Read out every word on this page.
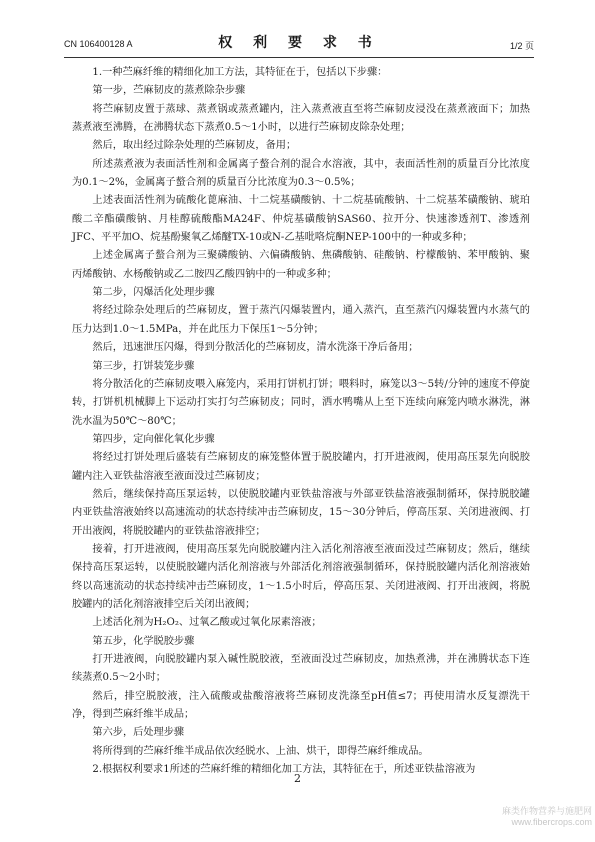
CN 106400128 A	权 利 要 求 书	1/2 页

1.一种苎麻纤维的精细化加工方法，其特征在于，包括以下步骤：

第一步，苎麻韧皮的蒸煮除杂步骤

将苎麻韧皮置于蒸球、蒸煮锅或蒸煮罐内，注入蒸煮液直至将苎麻韧皮浸没在蒸煮液面下；加热蒸煮液至沸腾，在沸腾状态下蒸煮0.5～1小时，以进行苎麻韧皮除杂处理；

然后，取出经过除杂处理的苎麻韧皮，备用；

所述蒸煮液为表面活性剂和金属离子螯合剂的混合水溶液，其中，表面活性剂的质量百分比浓度为0.1～2%，金属离子螯合剂的质量百分比浓度为0.3～0.5%；

上述表面活性剂为硫酸化蓖麻油、十二烷基磺酸钠、十二烷基硫酸钠、十二烷基苯磺酸钠、琥珀酸二辛酯磺酸钠、月桂醇硫酸酯MA24F、仲烷基磺酸钠SAS60、拉开分、快速渗透剂T、渗透剂JFC、平平加O、烷基酚聚氧乙烯醚TX-10或N-乙基吡咯烷酮NEP-100中的一种或多种；

上述金属离子螯合剂为三聚磷酸钠、六偏磷酸钠、焦磷酸钠、硅酸钠、柠檬酸钠、苯甲酸钠、聚丙烯酸钠、水杨酸钠或乙二胺四乙酸四钠中的一种或多种；

第二步，闪爆活化处理步骤

将经过除杂处理后的苎麻韧皮，置于蒸汽闪爆装置内，通入蒸汽，直至蒸汽闪爆装置内水蒸气的压力达到1.0～1.5MPa，并在此压力下保压1～5分钟；

然后，迅速泄压闪爆，得到分散活化的苎麻韧皮，清水洗涤干净后备用；

第三步，打饼装笼步骤

将分散活化的苎麻韧皮喂入麻笼内，采用打饼机打饼；喂料时，麻笼以3～5转/分钟的速度不停旋转，打饼机机械脚上下运动打实打匀苎麻韧皮；同时，洒水鸭嘴从上至下连续向麻笼内喷水淋洗，淋洗水温为50℃～80℃；

第四步，定向催化氧化步骤

将经过打饼处理后盛装有苎麻韧皮的麻笼整体置于脱胶罐内，打开进液阀，使用高压泵先向脱胶罐内注入亚铁盐溶液至液面没过苎麻韧皮；

然后，继续保持高压泵运转，以使脱胶罐内亚铁盐溶液与外部亚铁盐溶液强制循环，保持脱胶罐内亚铁盐溶液始终以高速流动的状态持续冲击苎麻韧皮，15～30分钟后，停高压泵、关闭进液阀、打开出液阀，将脱胶罐内的亚铁盐溶液排空；

接着，打开进液阀，使用高压泵先向脱胶罐内注入活化剂溶液至液面没过苎麻韧皮；然后，继续保持高压泵运转，以使脱胶罐内活化剂溶液与外部活化剂溶液强制循环，保持脱胶罐内活化剂溶液始终以高速流动的状态持续冲击苎麻韧皮，1～1.5小时后，停高压泵、关闭进液阀、打开出液阀，将脱胶罐内的活化剂溶液排空后关闭出液阀；

上述活化剂为H₂O₂、过氧乙酸或过氧化尿素溶液；

第五步，化学脱胶步骤

打开进液阀，向脱胶罐内泵入碱性脱胶液，至液面没过苎麻韧皮，加热煮沸，并在沸腾状态下连续蒸煮0.5～2小时；

然后，排空脱胶液，注入硫酸或盐酸溶液将苎麻韧皮洗涤至pH值≤7；再使用清水反复漂洗干净，得到苎麻纤维半成品；

第六步，后处理步骤

将所得到的苎麻纤维半成品依次经脱水、上油、烘干，即得苎麻纤维成品。

2.根据权利要求1所述的苎麻纤维的精细化加工方法，其特征在于，所述亚铁盐溶液为

2
麻类作物营养与施肥网
www.fibercrops.com
